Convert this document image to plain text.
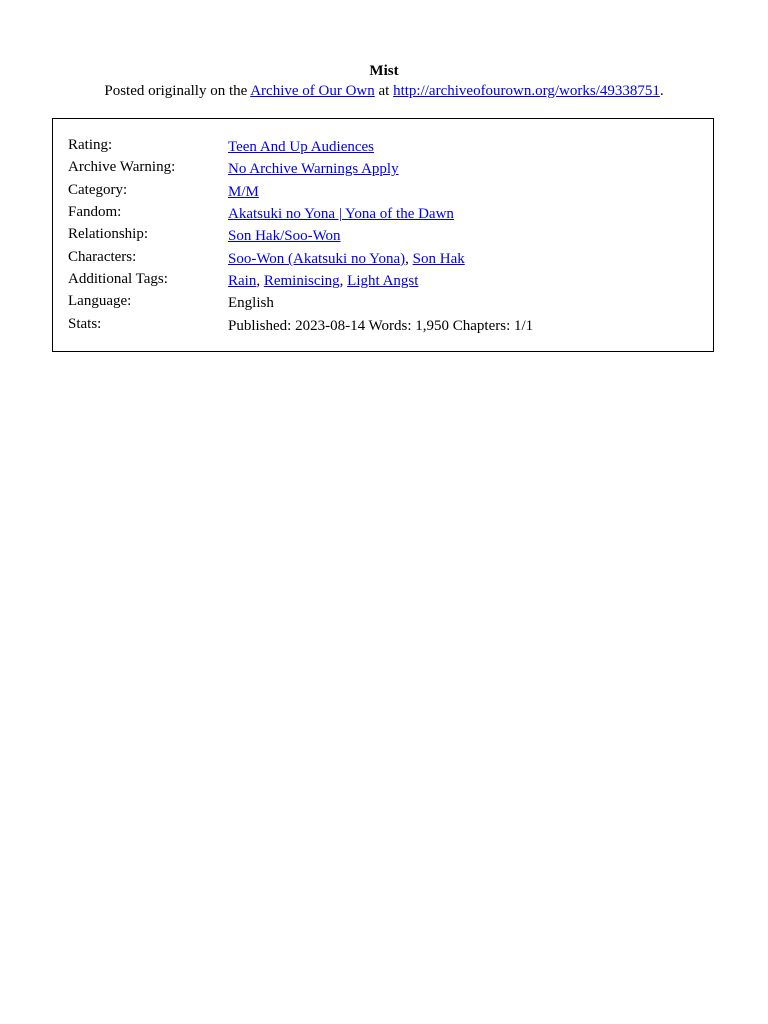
Mist
Posted originally on the Archive of Our Own at http://archiveofourown.org/works/49338751.
Rating:	Teen And Up Audiences
Archive Warning:	No Archive Warnings Apply
Category:	M/M
Fandom:	Akatsuki no Yona | Yona of the Dawn
Relationship:	Son Hak/Soo-Won
Characters:	Soo-Won (Akatsuki no Yona), Son Hak
Additional Tags:	Rain, Reminiscing, Light Angst
Language:	English
Stats:	Published: 2023-08-14 Words: 1,950 Chapters: 1/1
